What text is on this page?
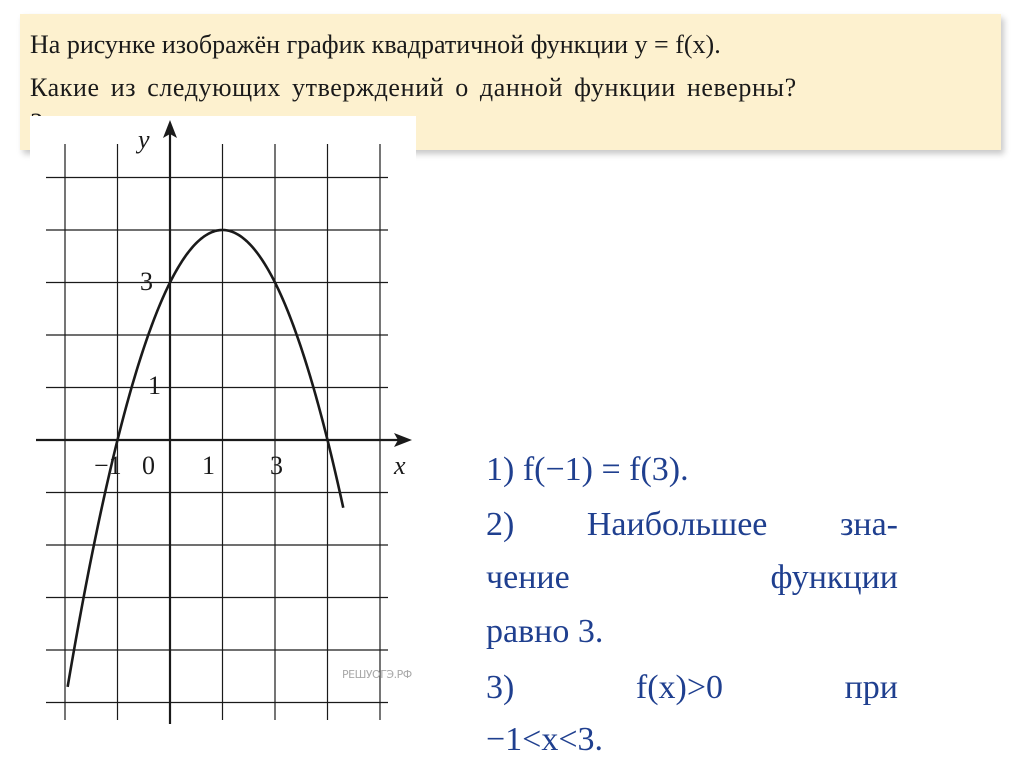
На рисунке изображён график квадратичной функции y = f(x).
Какие из следующих утверждений о данной функции неверны?
−1 0 1 3
1
3
x
y
РЕШУОГЭ.РФ
1) f(−1) = f(3).
2) Наибольшее зна-
чение	функции
равно 3.
3)	f(x)>0	при
−1<x<3.
